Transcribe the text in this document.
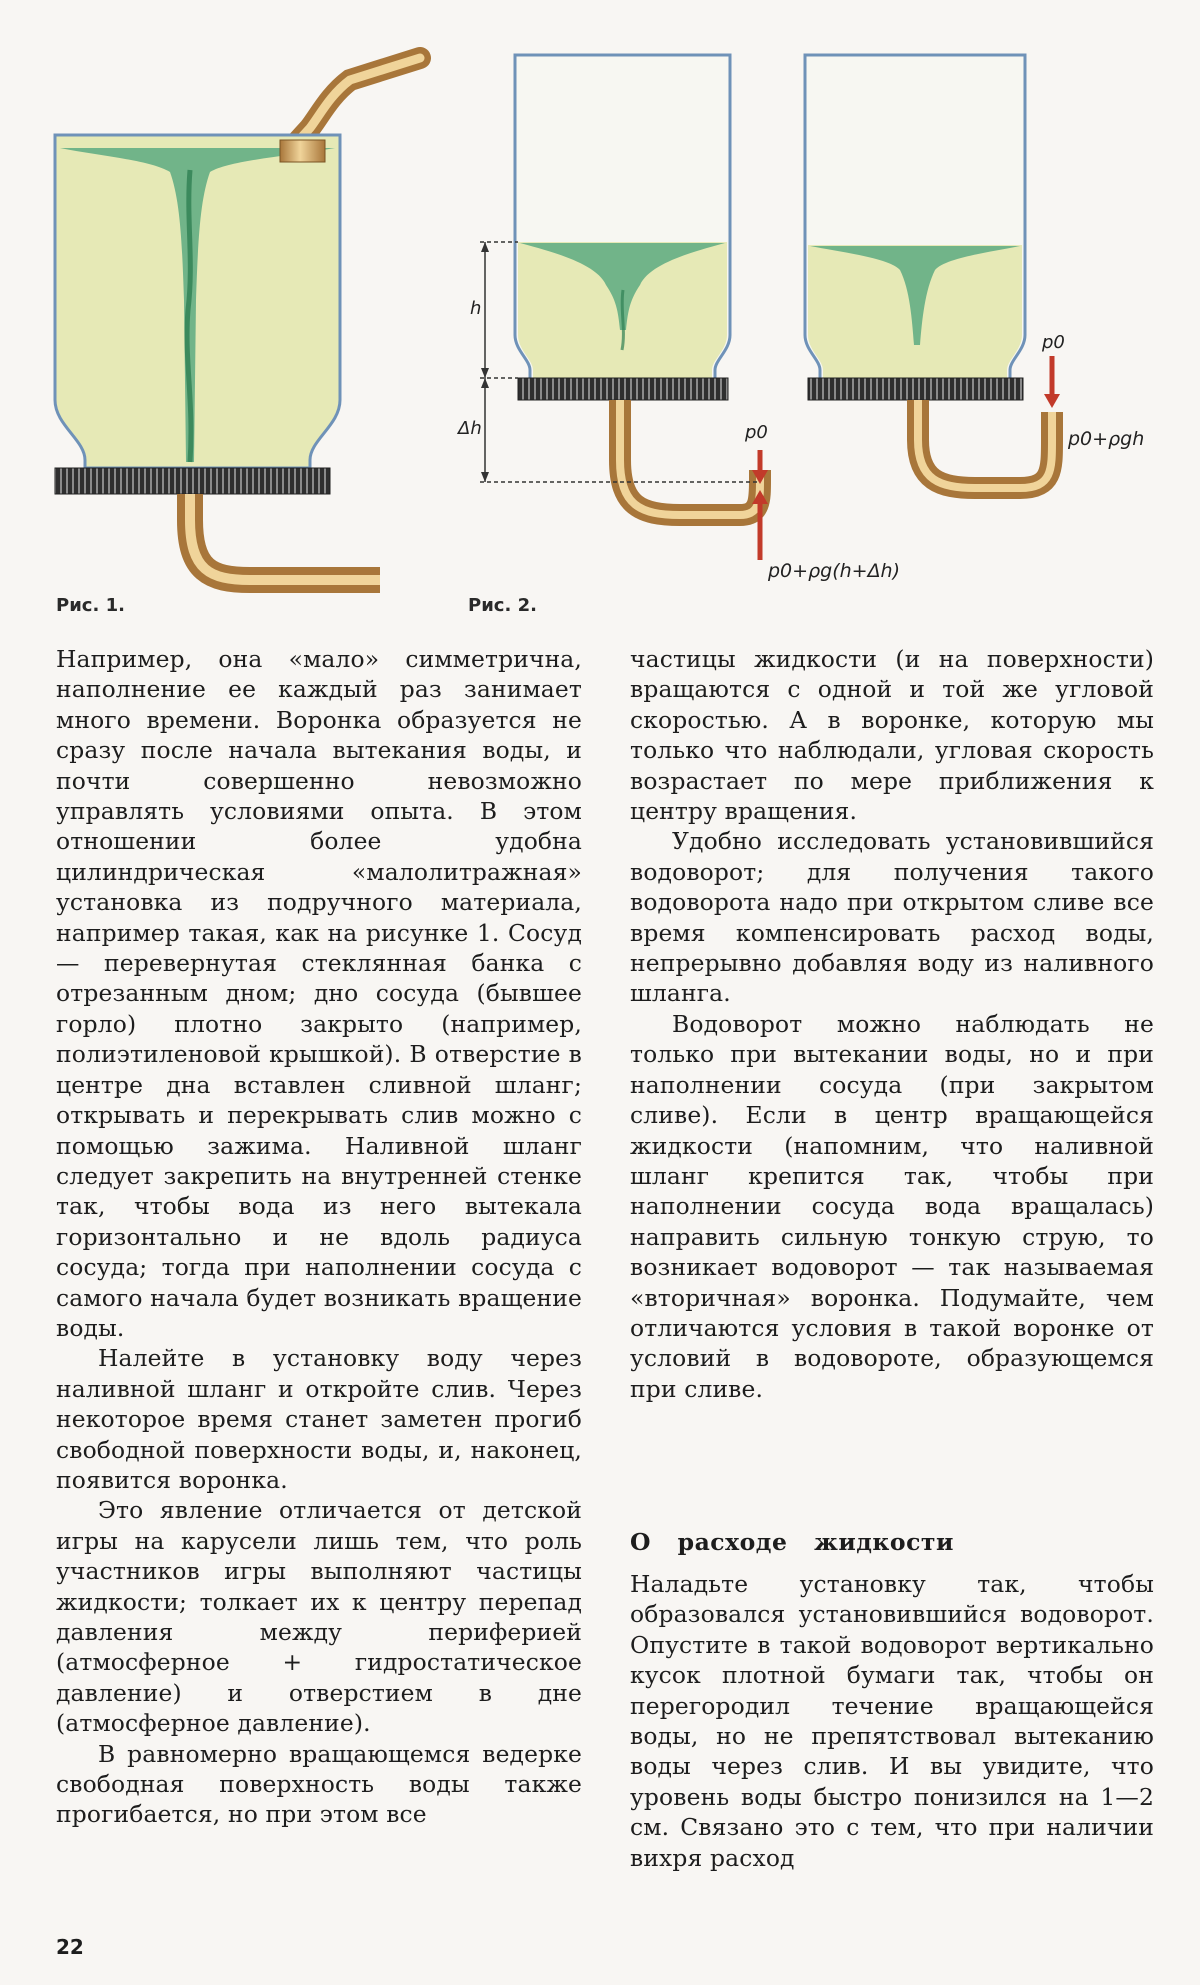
h
Δh	p0
p0+ρg(h+Δh)
p0
p0+ρgh
Рис. 1.	Рис. 2.

Например, она «мало» симметрична, наполнение ее каждый раз занимает много времени. Воронка образуется не сразу после начала вытекания воды, и почти совершенно невозможно управлять условиями опыта. В этом отношении более удобна цилиндрическая «малолитражная» установка из подручного материала, например такая, как на рисунке 1. Сосуд — перевернутая стеклянная банка с отрезанным дном; дно сосуда (бывшее горло) плотно закрыто (например, полиэтиленовой крышкой). В отверстие в центре дна вставлен сливной шланг; открывать и перекрывать слив можно с помощью зажима. Наливной шланг следует закрепить на внутренней стенке так, чтобы вода из него вытекала горизонтально и не вдоль радиуса сосуда; тогда при наполнении сосуда с самого начала будет возникать вращение воды.

Налейте в установку воду через наливной шланг и откройте слив. Через некоторое время станет заметен прогиб свободной поверхности воды, и, наконец, появится воронка.

Это явление отличается от детской игры на карусели лишь тем, что роль участников игры выполняют частицы жидкости; толкает их к центру перепад давления между периферией (атмосферное + гидростатическое давление) и отверстием в дне (атмосферное давление).

В равномерно вращающемся ведерке свободная поверхность воды также прогибается, но при этом все

частицы жидкости (и на поверхности) вращаются с одной и той же угловой скоростью. А в воронке, которую мы только что наблюдали, угловая скорость возрастает по мере приближения к центру вращения.

Удобно исследовать установившийся водоворот; для получения такого водоворота надо при открытом сливе все время компенсировать расход воды, непрерывно добавляя воду из наливного шланга.

Водоворот можно наблюдать не только при вытекании воды, но и при наполнении сосуда (при закрытом сливе). Если в центр вращающейся жидкости (напомним, что наливной шланг крепится так, чтобы при наполнении сосуда вода вращалась) направить сильную тонкую струю, то возникает водоворот — так называемая «вторичная» воронка. Подумайте, чем отличаются условия в такой воронке от условий в водовороте, образующемся при сливе.

О расходе жидкости

Наладьте установку так, чтобы образовался установившийся водоворот. Опустите в такой водоворот вертикально кусок плотной бумаги так, чтобы он перегородил течение вращающейся воды, но не препятствовал вытеканию воды через слив. И вы увидите, что уровень воды быстро понизился на 1—2 см. Связано это с тем, что при наличии вихря расход

22
